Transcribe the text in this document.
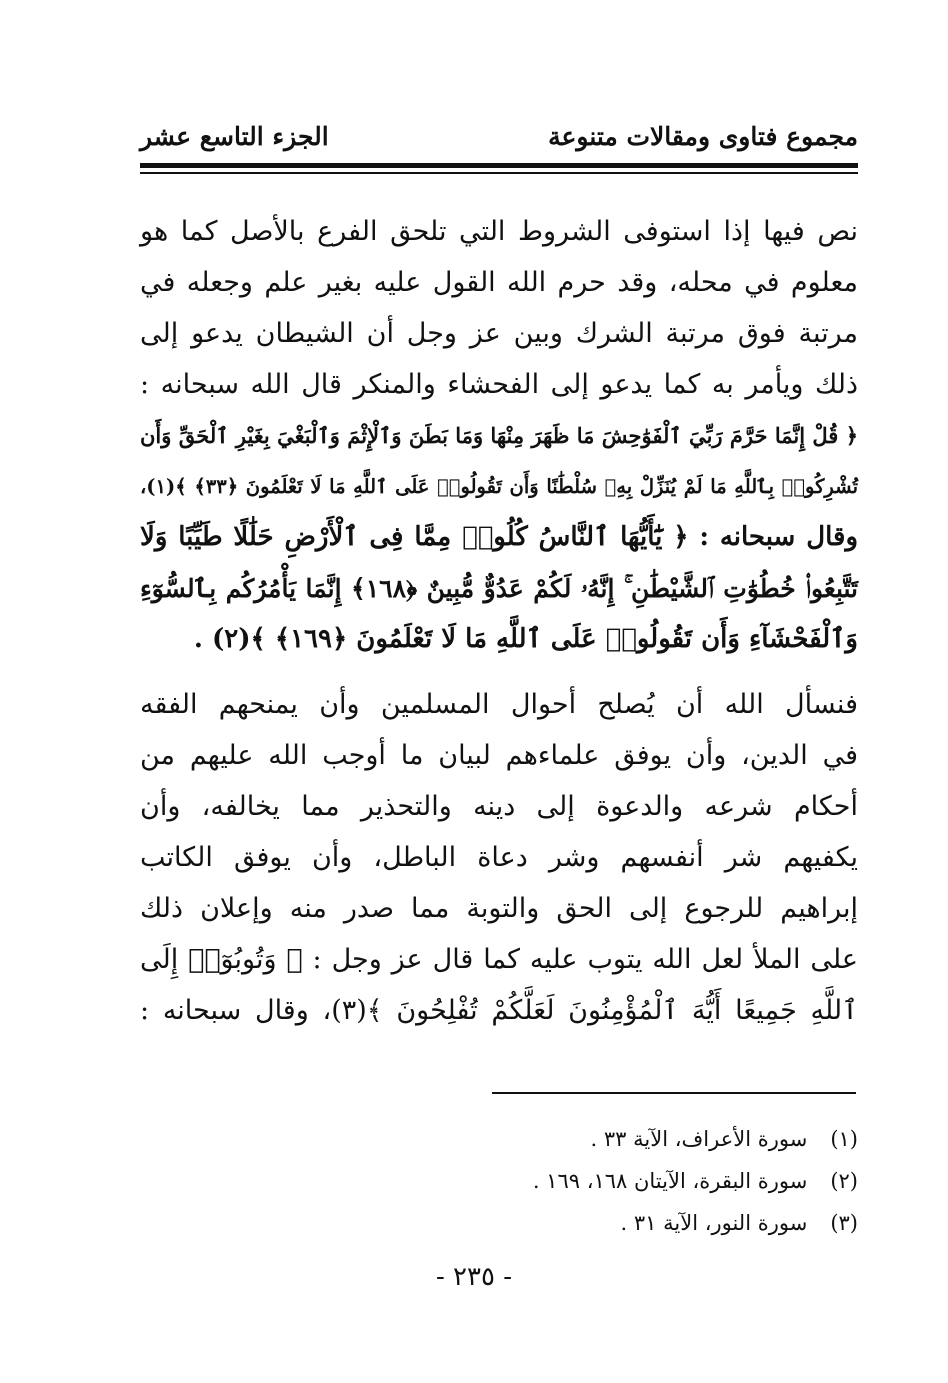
مجموع فتاوى ومقالات متنوعة
الجزء التاسع عشر
نص فيها إذا استوفى الشروط التي تلحق الفرع بالأصل كما هو
معلوم في محله، وقد حرم الله القول عليه بغير علم وجعله في
مرتبة فوق مرتبة الشرك وبين عز وجل أن الشيطان يدعو إلى
ذلك ويأمر به كما يدعو إلى الفحشاء والمنكر قال الله سبحانه :
﴿ قُلْ إِنَّمَا حَرَّمَ رَبِّيَ ٱلْفَوَٰحِشَ مَا ظَهَرَ مِنْهَا وَمَا بَطَنَ وَٱلْإِثْمَ وَٱلْبَغْيَ بِغَيْرِ ٱلْحَقِّ وَأَن
تُشْرِكُوا۟ بِٱللَّهِ مَا لَمْ يُنَزِّلْ بِهِۦ سُلْطَٰنًا وَأَن تَقُولُوا۟ عَلَى ٱللَّهِ مَا لَا تَعْلَمُونَ ﴿٣٣﴾ ﴾(١)،
وقال سبحانه : ﴿ يَٰٓأَيُّهَا ٱلنَّاسُ كُلُوا۟ مِمَّا فِى ٱلْأَرْضِ حَلَٰلًا طَيِّبًا وَلَا
تَتَّبِعُوا۟ خُطُوَٰتِ ٱلشَّيْطَٰنِ ۚ إِنَّهُۥ لَكُمْ عَدُوٌّ مُّبِينٌ ﴿١٦٨﴾ إِنَّمَا يَأْمُرُكُم بِٱلسُّوٓءِ
وَٱلْفَحْشَآءِ وَأَن تَقُولُوا۟ عَلَى ٱللَّهِ مَا لَا تَعْلَمُونَ ﴿١٦٩﴾ ﴾(٢) .
فنسأل الله أن يُصلح أحوال المسلمين وأن يمنحهم الفقه
في الدين، وأن يوفق علماءهم لبيان ما أوجب الله عليهم من
أحكام شرعه والدعوة إلى دينه والتحذير مما يخالفه، وأن
يكفيهم شر أنفسهم وشر دعاة الباطل، وأن يوفق الكاتب
إبراهيم للرجوع إلى الحق والتوبة مما صدر منه وإعلان ذلك
على الملأ لعل الله يتوب عليه كما قال عز وجل : ﴿ وَتُوبُوٓا۟ إِلَى
ٱللَّهِ جَمِيعًا أَيُّهَ ٱلْمُؤْمِنُونَ لَعَلَّكُمْ تُفْلِحُونَ ﴾(٣)، وقال سبحانه :
(١) سورة الأعراف، الآية ٣٣ .
(٢) سورة البقرة، الآيتان ١٦٨، ١٦٩ .
(٣) سورة النور، الآية ٣١ .
- ٢٣٥ -
